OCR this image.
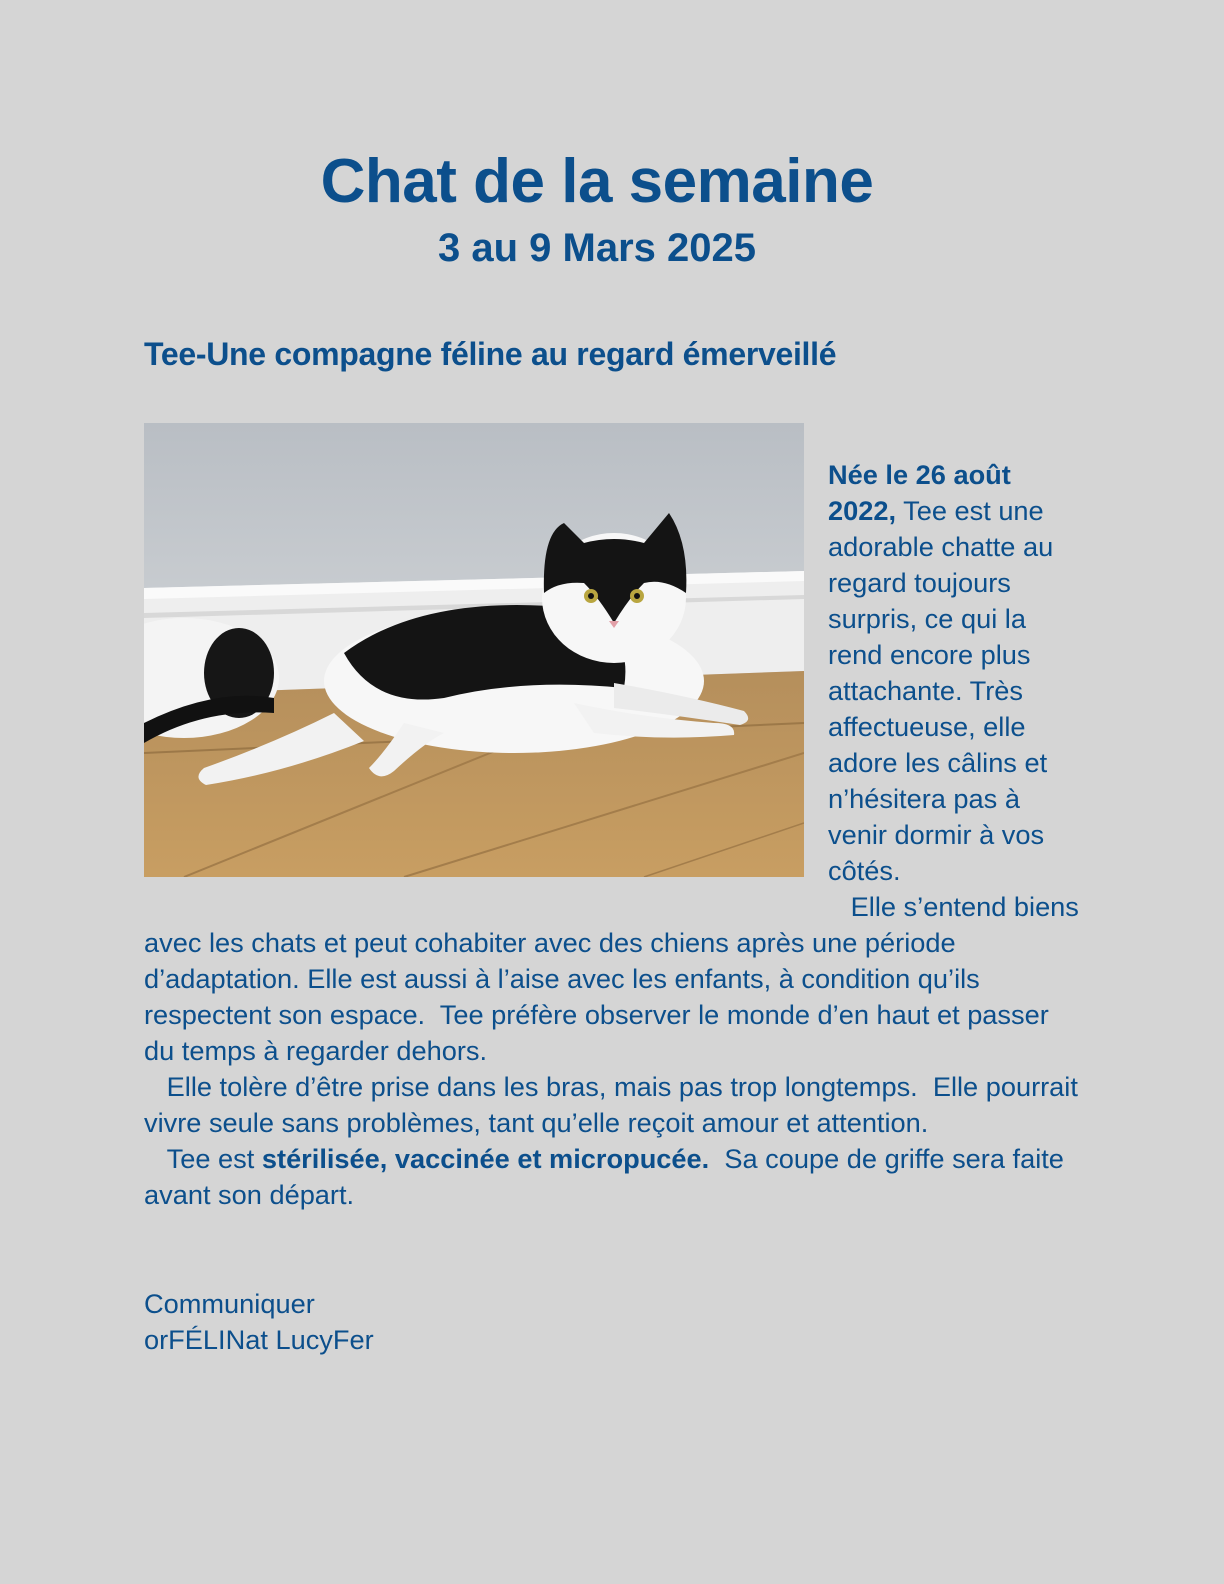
Chat de la semaine
3 au 9 Mars 2025
Tee-Une compagne féline au regard émerveillé

Née le 26 août 2022, Tee est une adorable chatte au regard toujours surpris, ce qui la rend encore plus attachante. Très affectueuse, elle adore les câlins et n’hésitera pas à venir dormir à vos côtés.

Elle s’entend biens avec les chats et peut cohabiter avec des chiens après une période d’adaptation. Elle est aussi à l’aise avec les enfants, à condition qu’ils respectent son espace.  Tee préfère observer le monde d’en haut et passer du temps à regarder dehors.

Elle tolère d’être prise dans les bras, mais pas trop longtemps.  Elle pourrait vivre seule sans problèmes, tant qu’elle reçoit amour et attention.

Tee est stérilisée, vaccinée et micropucée.  Sa coupe de griffe sera faite avant son départ.

Communiquer
orFÉLINat LucyFer
